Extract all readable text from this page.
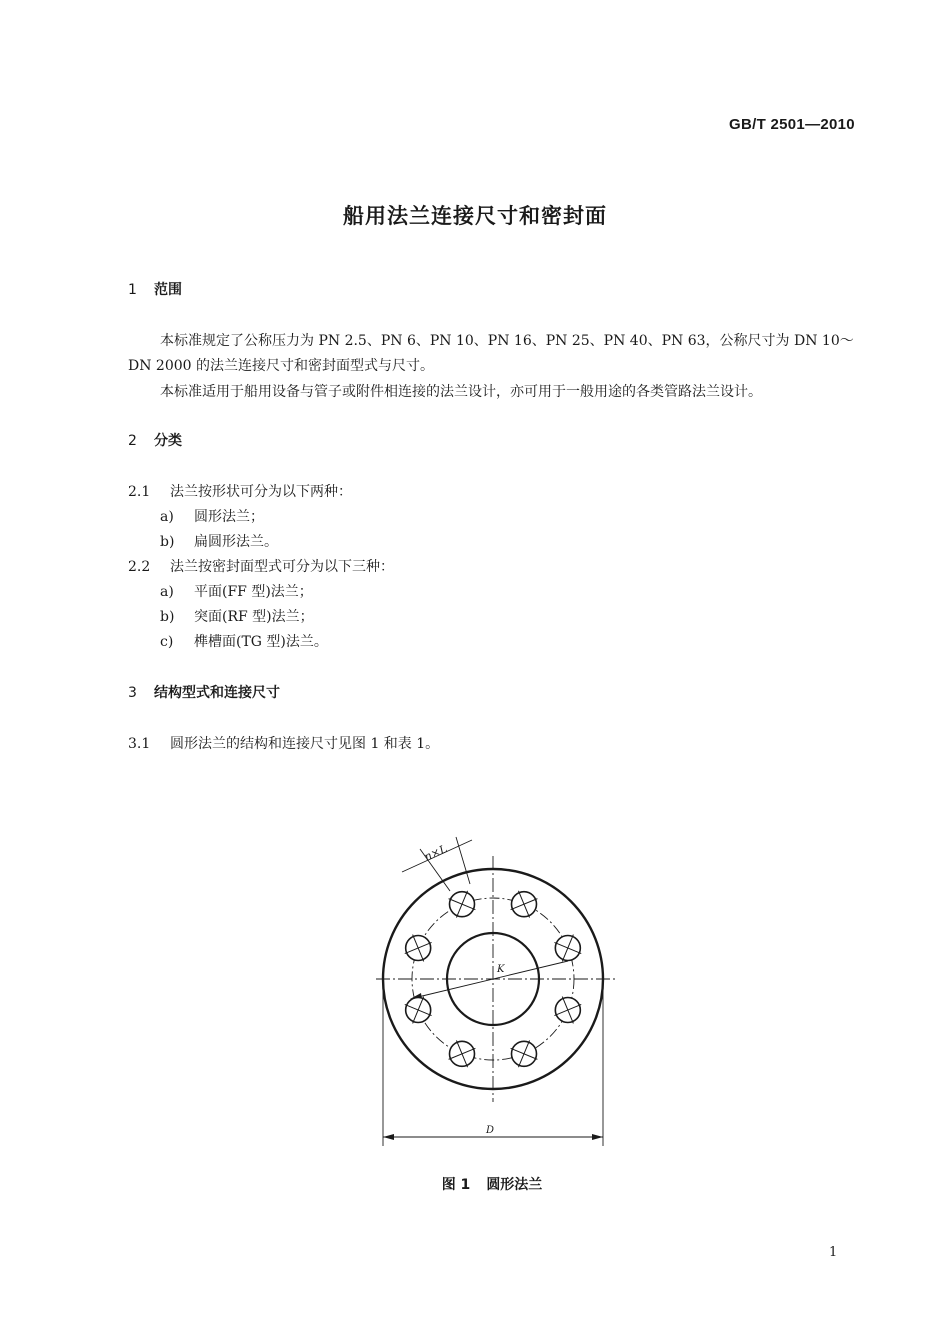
GB/T 2501—2010
船用法兰连接尺寸和密封面
1 范围
本标准规定了公称压力为 PN 2.5、PN 6、PN 10、PN 16、PN 25、PN 40、PN 63，公称尺寸为 DN 10～
DN 2000 的法兰连接尺寸和密封面型式与尺寸。
本标准适用于船用设备与管子或附件相连接的法兰设计，亦可用于一般用途的各类管路法兰设计。
2 分类
2.1 法兰按形状可分为以下两种：
a) 圆形法兰；
b) 扁圆形法兰。
2.2 法兰按密封面型式可分为以下三种：
a) 平面(FF 型)法兰；
b) 突面(RF 型)法兰；
c) 榫槽面(TG 型)法兰。
3 结构型式和连接尺寸
3.1 圆形法兰的结构和连接尺寸见图 1 和表 1。
n×L
K
D
图 1 圆形法兰
1
